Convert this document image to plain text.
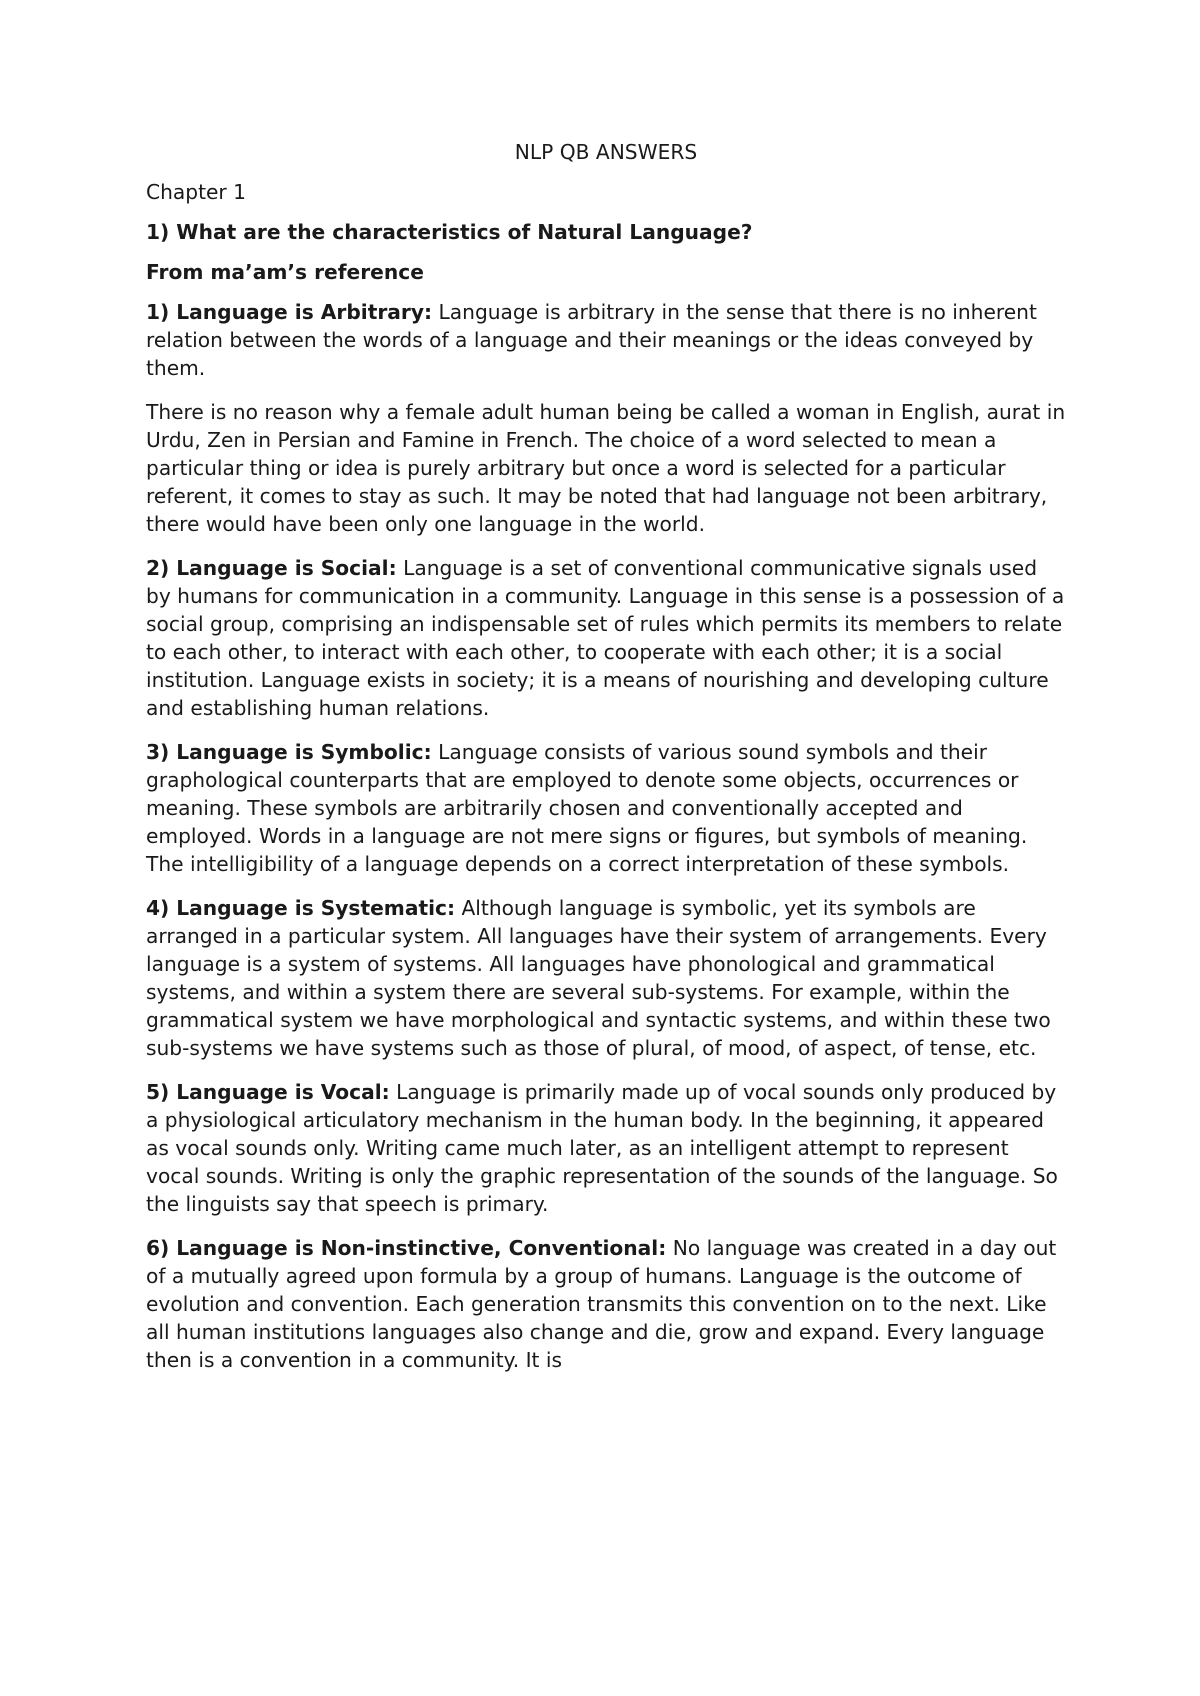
NLP QB ANSWERS
Chapter 1
1) What are the characteristics of Natural Language?
From ma’am’s reference

1) Language is Arbitrary: Language is arbitrary in the sense that there is no inherent relation between the words of a language and their meanings or the ideas conveyed by them.

There is no reason why a female adult human being be called a woman in English, aurat in Urdu, Zen in Persian and Famine in French. The choice of a word selected to mean a particular thing or idea is purely arbitrary but once a word is selected for a particular referent, it comes to stay as such. It may be noted that had language not been arbitrary, there would have been only one language in the world.

2) Language is Social: Language is a set of conventional communicative signals used by humans for communication in a community. Language in this sense is a possession of a social group, comprising an indispensable set of rules which permits its members to relate to each other, to interact with each other, to cooperate with each other; it is a social institution. Language exists in society; it is a means of nourishing and developing culture and establishing human relations.

3) Language is Symbolic: Language consists of various sound symbols and their graphological counterparts that are employed to denote some objects, occurrences or meaning. These symbols are arbitrarily chosen and conventionally accepted and employed. Words in a language are not mere signs or figures, but symbols of meaning. The intelligibility of a language depends on a correct interpretation of these symbols.

4) Language is Systematic: Although language is symbolic, yet its symbols are arranged in a particular system. All languages have their system of arrangements. Every language is a system of systems. All languages have phonological and grammatical systems, and within a system there are several sub-systems. For example, within the grammatical system we have morphological and syntactic systems, and within these two sub-systems we have systems such as those of plural, of mood, of aspect, of tense, etc.

5) Language is Vocal: Language is primarily made up of vocal sounds only produced by a physiological articulatory mechanism in the human body. In the beginning, it appeared as vocal sounds only. Writing came much later, as an intelligent attempt to represent vocal sounds. Writing is only the graphic representation of the sounds of the language. So the linguists say that speech is primary.

6) Language is Non-instinctive, Conventional: No language was created in a day out of a mutually agreed upon formula by a group of humans. Language is the outcome of evolution and convention. Each generation transmits this convention on to the next. Like all human institutions languages also change and die, grow and expand. Every language then is a convention in a community. It is
